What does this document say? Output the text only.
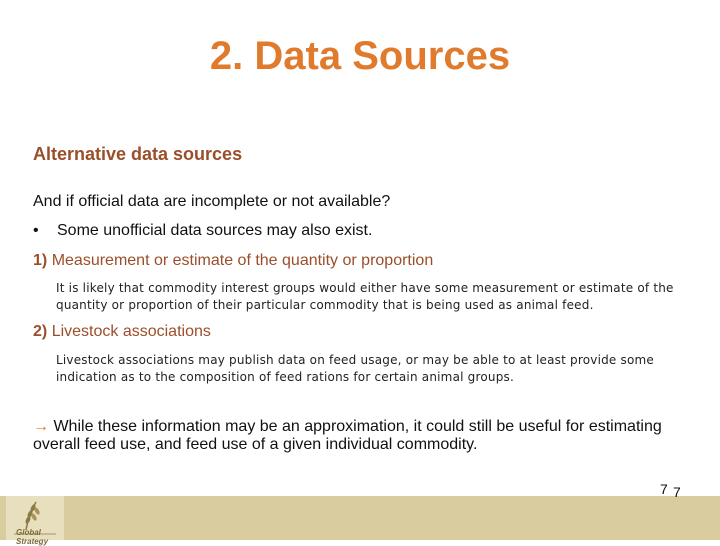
2. Data Sources
Alternative data sources
And if official data are incomplete or not available?
• Some unofficial data sources may also exist.
1) Measurement or estimate of the quantity or proportion
It is likely that commodity interest groups would either have some measurement or estimate of the quantity or proportion of their particular commodity that is being used as animal feed.
2) Livestock associations
Livestock associations may publish data on feed usage, or may be able to at least provide some indication as to the composition of feed rations for certain animal groups.
→ While these information may be an approximation, it could still be useful for estimating overall feed use, and feed use of a given individual commodity.
Global Strategy
7 7
